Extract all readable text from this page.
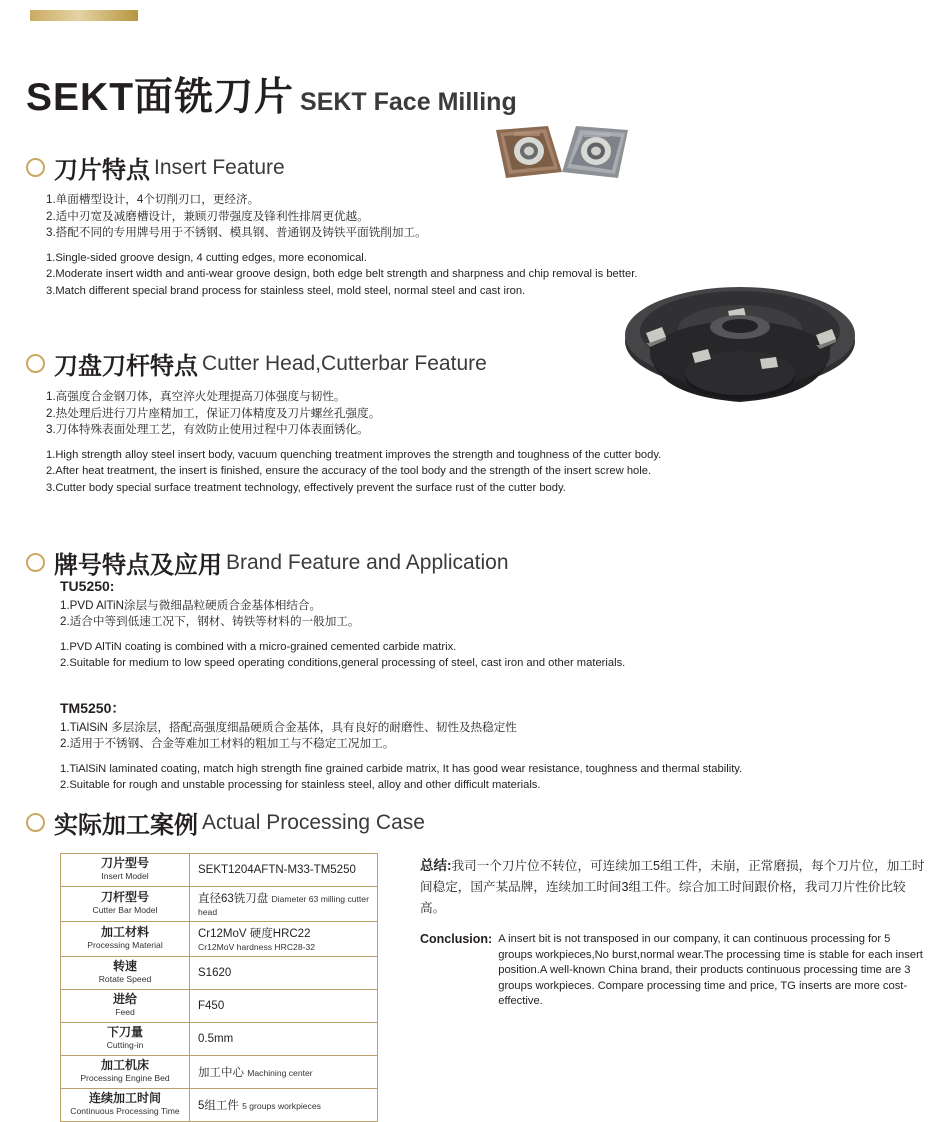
SEKT面铣刀片 SEKT Face Milling
刀片特点 Insert Feature
1.单面槽型设计，4个切削刃口，更经济。
2.适中刃宽及减磨槽设计，兼顾刃带强度及锋利性排屑更优越。
3.搭配不同的专用牌号用于不锈钢、模具钢、普通钢及铸铁平面铣削加工。
1.Single-sided groove design, 4 cutting edges, more economical.
2.Moderate insert width and anti-wear groove design, both edge belt strength and sharpness and chip removal is better.
3.Match different special brand process for stainless steel, mold steel, normal steel and cast iron.
刀盘刀杆特点 Cutter Head,Cutterbar Feature
1.高强度合金钢刀体，真空淬火处理提高刀体强度与韧性。
2.热处理后进行刀片座精加工，保证刀体精度及刀片螺丝孔强度。
3.刀体特殊表面处理工艺，有效防止使用过程中刀体表面锈化。
1.High strength alloy steel insert body, vacuum quenching treatment improves the strength and toughness of the cutter body.
2.After heat treatment, the insert is finished, ensure the accuracy of the tool body and the strength of the insert screw hole.
3.Cutter body special surface treatment technology, effectively prevent the surface rust of the cutter body.
牌号特点及应用 Brand Feature and Application
TU5250:
1.PVD AlTiN涂层与微细晶粒硬质合金基体相结合。
2.适合中等到低速工况下，钢材、铸铁等材料的一般加工。
1.PVD AlTiN coating is combined with a micro-grained cemented carbide matrix.
2.Suitable for medium to low speed operating conditions,general processing of steel, cast iron and other materials.
TM5250：
1.TiAlSiN 多层涂层，搭配高强度细晶硬质合金基体，具有良好的耐磨性、韧性及热稳定性
2.适用于不锈钢、合金等难加工材料的粗加工与不稳定工况加工。
1.TiAlSiN laminated coating, match high strength fine grained carbide matrix, It has good wear resistance, toughness and thermal stability.
2.Suitable for rough and unstable processing for stainless steel, alloy and other difficult materials.
实际加工案例 Actual Processing Case
刀片型号
Insert Model	SEKT1204AFTN-M33-TM5250

刀杆型号
Cutter Bar Model	直径63铣刀盘 Diameter 63 milling cutter head

加工材料
Processing Material	Cr12MoV 硬度HRC22
Cr12MoV hardness HRC28-32

转速
Rotate Speed	S1620

进给
Feed	F450

下刀量
Cutting-in	0.5mm

加工机床
Processing Engine Bed	加工中心 Machining center

连续加工时间
Continuous Processing Time	5组工件 5 groups workpieces
总结:我司一个刀片位不转位，可连续加工5组工件，未崩，正常磨损，每个刀片位，加工时间稳定，国产某品牌，连续加工时间3组工件。综合加工时间跟价格，我司刀片性价比较高。
Conclusion: A insert bit is not transposed in our company, it can continuous processing for 5 groups workpieces,No burst,normal wear.The processing time is stable for each insert position.A well-known China brand, their products continuous processing time are 3 groups workpieces. Compare processing time and price, TG inserts are more cost-effective.
